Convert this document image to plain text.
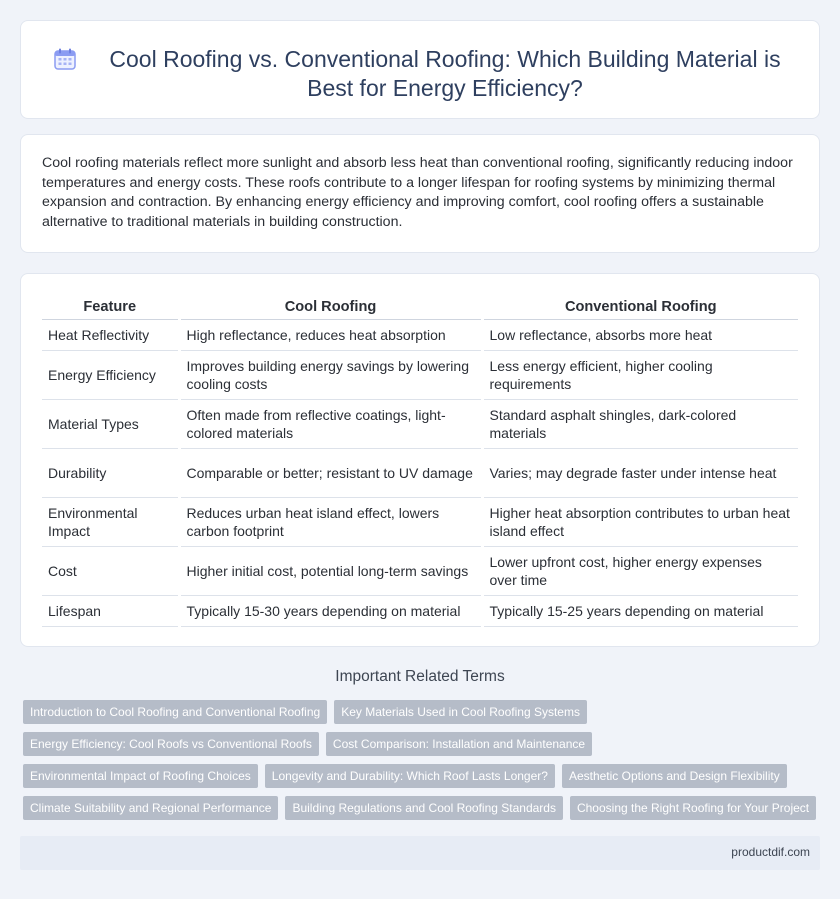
Cool Roofing vs. Conventional Roofing: Which Building Material is Best for Energy Efficiency?

Cool roofing materials reflect more sunlight and absorb less heat than conventional roofing, significantly reducing indoor temperatures and energy costs. These roofs contribute to a longer lifespan for roofing systems by minimizing thermal expansion and contraction. By enhancing energy efficiency and improving comfort, cool roofing offers a sustainable alternative to traditional materials in building construction.

Feature	Cool Roofing	Conventional Roofing
Heat Reflectivity	High reflectance, reduces heat absorption	Low reflectance, absorbs more heat
Energy Efficiency	Improves building energy savings by lowering cooling costs	Less energy efficient, higher cooling requirements
Material Types	Often made from reflective coatings, light-colored materials	Standard asphalt shingles, dark-colored materials
Durability	Comparable or better; resistant to UV damage	Varies; may degrade faster under intense heat
Environmental Impact	Reduces urban heat island effect, lowers carbon footprint	Higher heat absorption contributes to urban heat island effect
Cost	Higher initial cost, potential long-term savings	Lower upfront cost, higher energy expenses over time
Lifespan	Typically 15-30 years depending on material	Typically 15-25 years depending on material
Important Related Terms
Introduction to Cool Roofing and Conventional Roofing	Key Materials Used in Cool Roofing Systems
Energy Efficiency: Cool Roofs vs Conventional Roofs	Cost Comparison: Installation and Maintenance
Environmental Impact of Roofing Choices	Longevity and Durability: Which Roof Lasts Longer?	Aesthetic Options and Design Flexibility
Climate Suitability and Regional Performance	Building Regulations and Cool Roofing Standards	Choosing the Right Roofing for Your Project
productdif.com
